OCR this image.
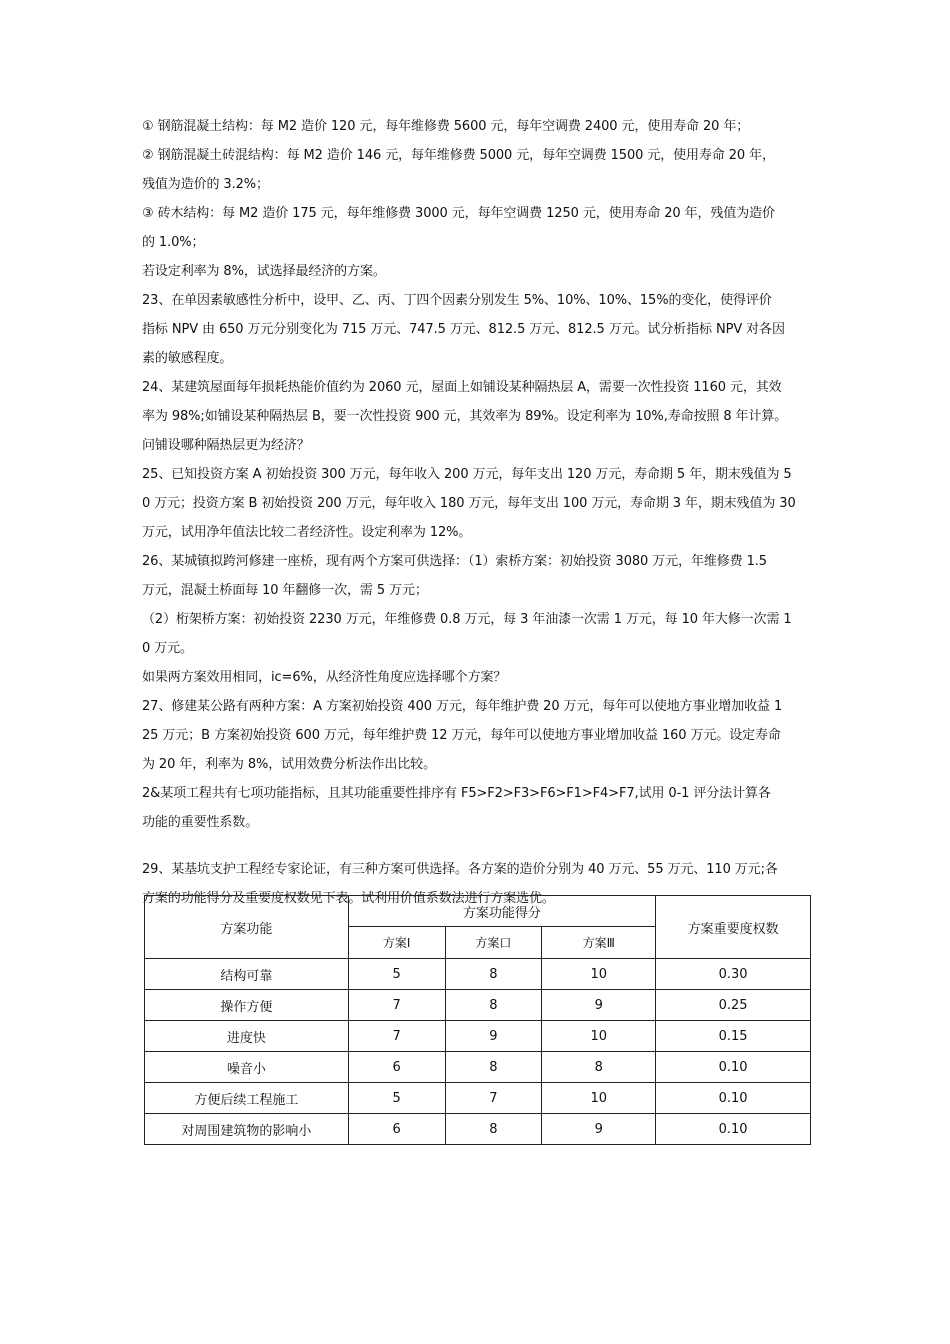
① 钢筋混凝土结构：每 M2 造价 120 元，每年维修费 5600 元，每年空调费 2400 元，使用寿命 20 年；
② 钢筋混凝土砖混结构：每 M2 造价 146 元，每年维修费 5000 元，每年空调费 1500 元，使用寿命 20 年，
残值为造价的 3.2%；
③ 砖木结构：每 M2 造价 175 元，每年维修费 3000 元，每年空调费 1250 元，使用寿命 20 年，残值为造价
的 1.0%；
若设定利率为 8%，试选择最经济的方案。
23、在单因素敏感性分析中，设甲、乙、丙、丁四个因素分别发生 5%、10%、10%、15%的变化，使得评价
指标 NPV 由 650 万元分别变化为 715 万元、747.5 万元、812.5 万元、812.5 万元。试分析指标 NPV 对各因
素的敏感程度。
24、某建筑屋面每年损耗热能价值约为 2060 元，屋面上如铺设某种隔热层 A，需要一次性投资 1160 元，其效
率为 98%;如铺设某种隔热层 B，要一次性投资 900 元，其效率为 89%。设定利率为 10%,寿命按照 8 年计算。
问铺设哪种隔热层更为经济？
25、已知投资方案 A 初始投资 300 万元，每年收入 200 万元，每年支出 120 万元，寿命期 5 年，期末残值为 5
0 万元；投资方案 B 初始投资 200 万元，每年收入 180 万元，每年支出 100 万元，寿命期 3 年，期末残值为 30
万元，试用净年值法比较二者经济性。设定利率为 12%。
26、某城镇拟跨河修建一座桥，现有两个方案可供选择：（1）索桥方案：初始投资 3080 万元，年维修费 1.5
万元，混凝土桥面每 10 年翻修一次，需 5 万元；
（2）桁架桥方案：初始投资 2230 万元，年维修费 0.8 万元，每 3 年油漆一次需 1 万元，每 10 年大修一次需 1
0 万元。
如果两方案效用相同，ic=6%，从经济性角度应选择哪个方案？
27、修建某公路有两种方案：A 方案初始投资 400 万元，每年维护费 20 万元，每年可以使地方事业增加收益 1
25 万元；B 方案初始投资 600 万元，每年维护费 12 万元，每年可以使地方事业增加收益 160 万元。设定寿命
为 20 年，利率为 8%，试用效费分析法作出比较。
2&某项工程共有七项功能指标，且其功能重要性排序有 F5>F2>F3>F6>F1>F4>F7,试用 0-1 评分法计算各
功能的重要性系数。
29、某基坑支护工程经专家论证，有三种方案可供选择。各方案的造价分别为 40 万元、55 万元、110 万元;各
方案的功能得分及重要度权数见下表。试利用价值系数法进行方案选优。
方案功能	方案功能得分			方案重要度权数
	方案Ⅰ	方案口	方案Ⅲ	
结构可靠	5	8	10	0.30
操作方便	7	8	9	0.25
进度快	7	9	10	0.15
噪音小	6	8	8	0.10
方便后续工程施工	5	7	10	0.10
对周围建筑物的影响小	6	8	9	0.10
